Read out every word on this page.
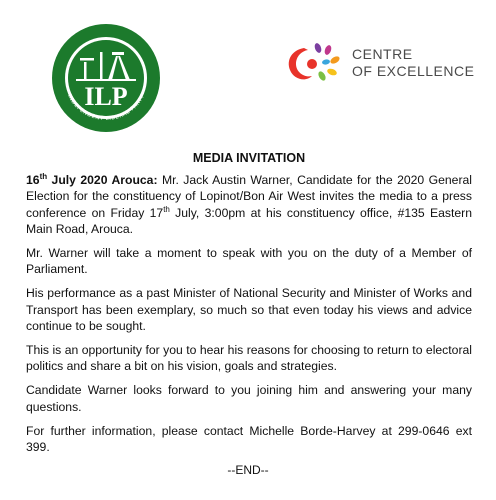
ILP
INDEPENDENT LIBERAL PARTY
CENTRE
OF EXCELLENCE
MEDIA INVITATION

16th July 2020 Arouca: Mr. Jack Austin Warner, Candidate for the 2020 General Election for the constituency of Lopinot/Bon Air West invites the media to a press conference on Friday 17th July, 3:00pm at his constituency office, #135 Eastern Main Road, Arouca.

Mr. Warner will take a moment to speak with you on the duty of a Member of Parliament.

His performance as a past Minister of National Security and Minister of Works and Transport has been exemplary, so much so that even today his views and advice continue to be sought.

This is an opportunity for you to hear his reasons for choosing to return to electoral politics and share a bit on his vision, goals and strategies.

Candidate Warner looks forward to you joining him and answering your many questions.

For further information, please contact Michelle Borde-Harvey at 299-0646 ext 399.

--END--
